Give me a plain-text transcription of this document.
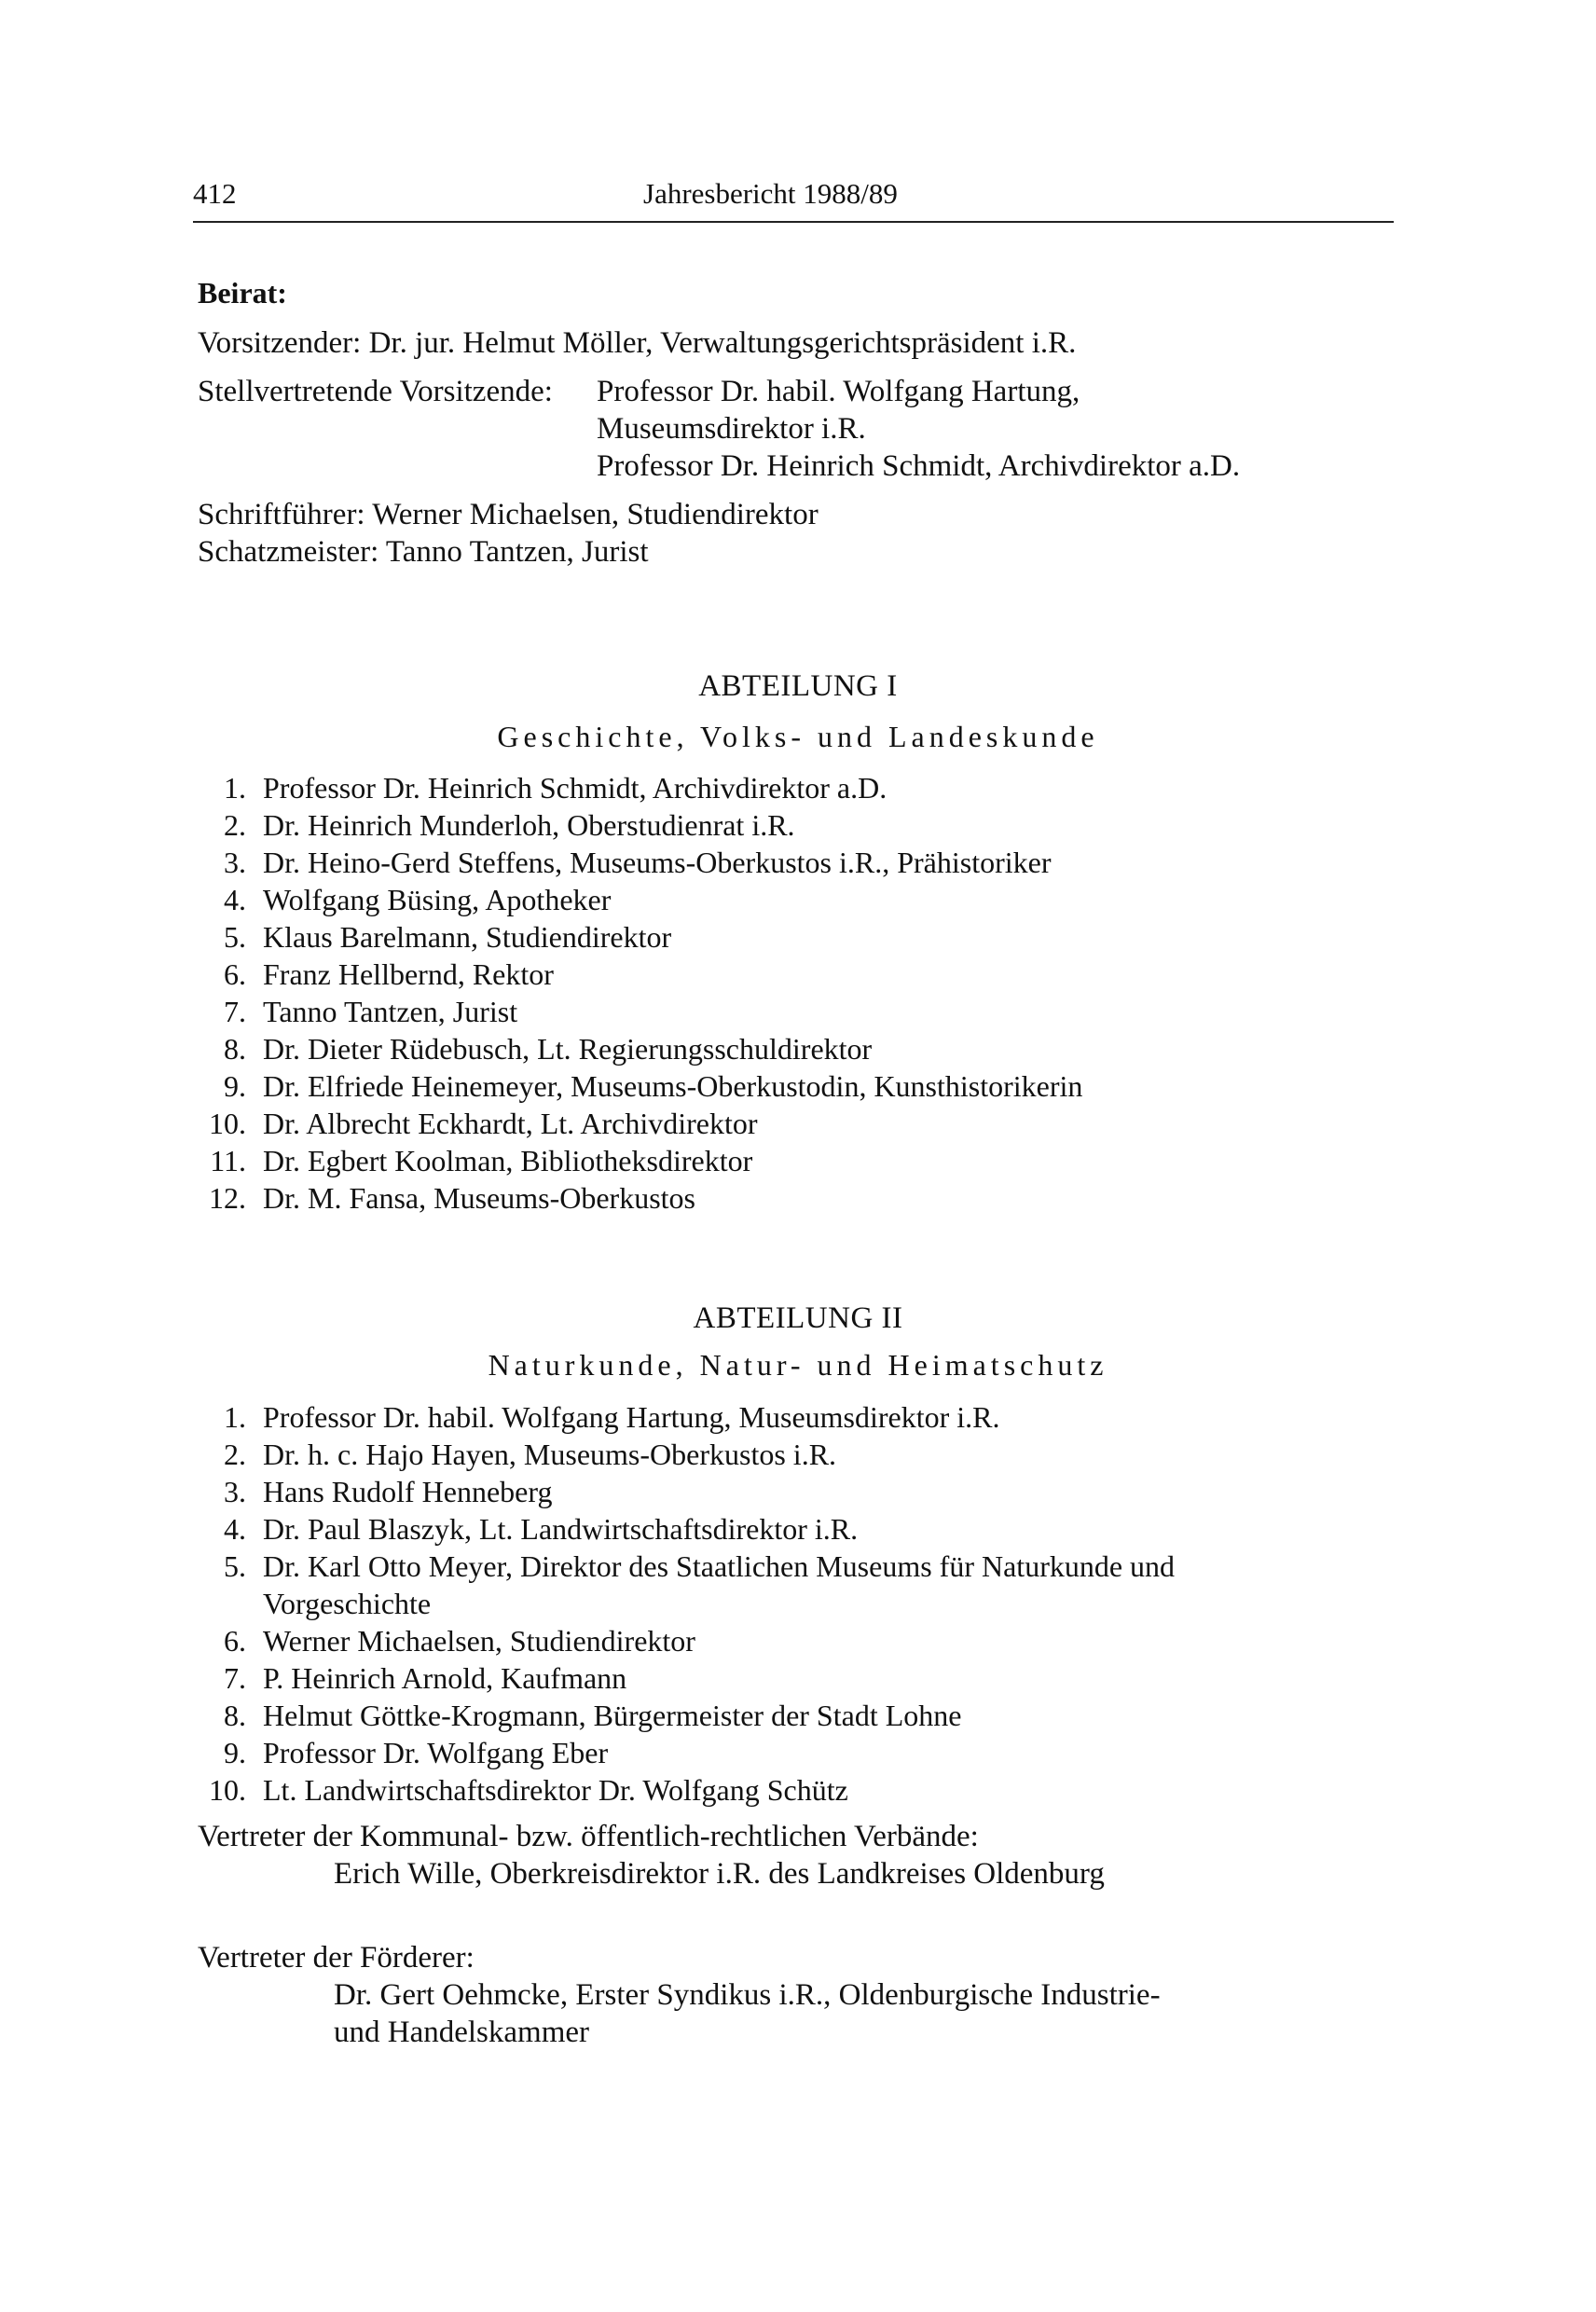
412	Jahresbericht 1988/89
Beirat:
Vorsitzender: Dr. jur. Helmut Möller, Verwaltungsgerichtspräsident i.R.
Stellvertretende Vorsitzende: Professor Dr. habil. Wolfgang Hartung,
Museumsdirektor i.R.
Professor Dr. Heinrich Schmidt, Archivdirektor a.D.
Schriftführer: Werner Michaelsen, Studiendirektor
Schatzmeister: Tanno Tantzen, Jurist
ABTEILUNG I
Geschichte, Volks- und Landeskunde
1. Professor Dr. Heinrich Schmidt, Archivdirektor a.D.
2. Dr. Heinrich Munderloh, Oberstudienrat i.R.
3. Dr. Heino-Gerd Steffens, Museums-Oberkustos i.R., Prähistoriker
4. Wolfgang Büsing, Apotheker
5. Klaus Barelmann, Studiendirektor
6. Franz Hellbernd, Rektor
7. Tanno Tantzen, Jurist
8. Dr. Dieter Rüdebusch, Lt. Regierungsschuldirektor
9. Dr. Elfriede Heinemeyer, Museums-Oberkustodin, Kunsthistorikerin
10. Dr. Albrecht Eckhardt, Lt. Archivdirektor
11. Dr. Egbert Koolman, Bibliotheksdirektor
12. Dr. M. Fansa, Museums-Oberkustos
ABTEILUNG II
Naturkunde, Natur- und Heimatschutz
1. Professor Dr. habil. Wolfgang Hartung, Museumsdirektor i.R.
2. Dr. h. c. Hajo Hayen, Museums-Oberkustos i.R.
3. Hans Rudolf Henneberg
4. Dr. Paul Blaszyk, Lt. Landwirtschaftsdirektor i.R.
5. Dr. Karl Otto Meyer, Direktor des Staatlichen Museums für Naturkunde und Vorgeschichte
6. Werner Michaelsen, Studiendirektor
7. P. Heinrich Arnold, Kaufmann
8. Helmut Göttke-Krogmann, Bürgermeister der Stadt Lohne
9. Professor Dr. Wolfgang Eber
10. Lt. Landwirtschaftsdirektor Dr. Wolfgang Schütz
Vertreter der Kommunal- bzw. öffentlich-rechtlichen Verbände:
Erich Wille, Oberkreisdirektor i.R. des Landkreises Oldenburg
Vertreter der Förderer:
Dr. Gert Oehmcke, Erster Syndikus i.R., Oldenburgische Industrie-
und Handelskammer
